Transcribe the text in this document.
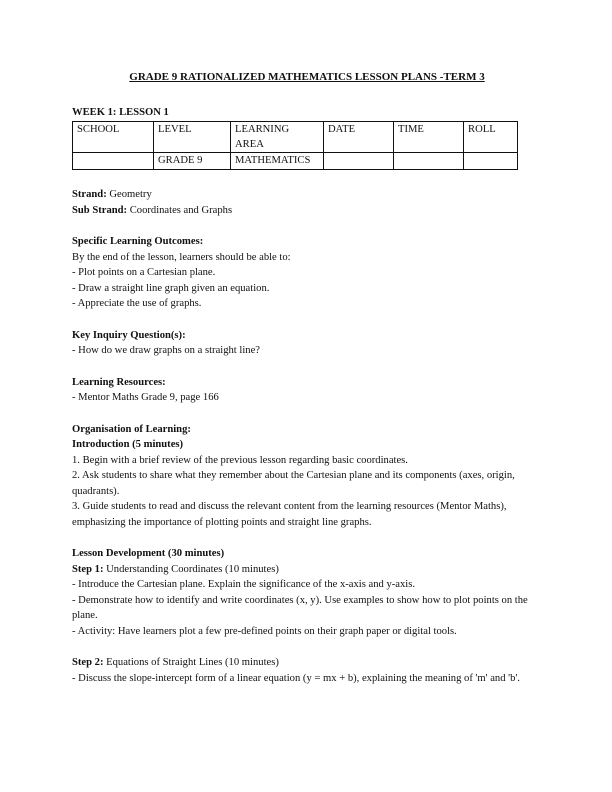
GRADE 9 RATIONALIZED MATHEMATICS LESSON PLANS -TERM 3
WEEK 1: LESSON 1
SCHOOL	LEVEL	LEARNING AREA	DATE	TIME	ROLL
	GRADE 9	MATHEMATICS			

Strand: Geometry

Sub Strand: Coordinates and Graphs

Specific Learning Outcomes:

By the end of the lesson, learners should be able to:

- Plot points on a Cartesian plane.

- Draw a straight line graph given an equation.

- Appreciate the use of graphs.

Key Inquiry Question(s):

- How do we draw graphs on a straight line?

Learning Resources:

- Mentor Maths Grade 9, page 166

Organisation of Learning:

Introduction (5 minutes)

1. Begin with a brief review of the previous lesson regarding basic coordinates.

2. Ask students to share what they remember about the Cartesian plane and its components (axes, origin, quadrants).

3. Guide students to read and discuss the relevant content from the learning resources (Mentor Maths), emphasizing the importance of plotting points and straight line graphs.

Lesson Development (30 minutes)

Step 1: Understanding Coordinates (10 minutes)

- Introduce the Cartesian plane. Explain the significance of the x-axis and y-axis.

- Demonstrate how to identify and write coordinates (x, y). Use examples to show how to plot points on the plane.

- Activity: Have learners plot a few pre-defined points on their graph paper or digital tools.

Step 2: Equations of Straight Lines (10 minutes)

- Discuss the slope-intercept form of a linear equation (y = mx + b), explaining the meaning of 'm' and 'b'.
